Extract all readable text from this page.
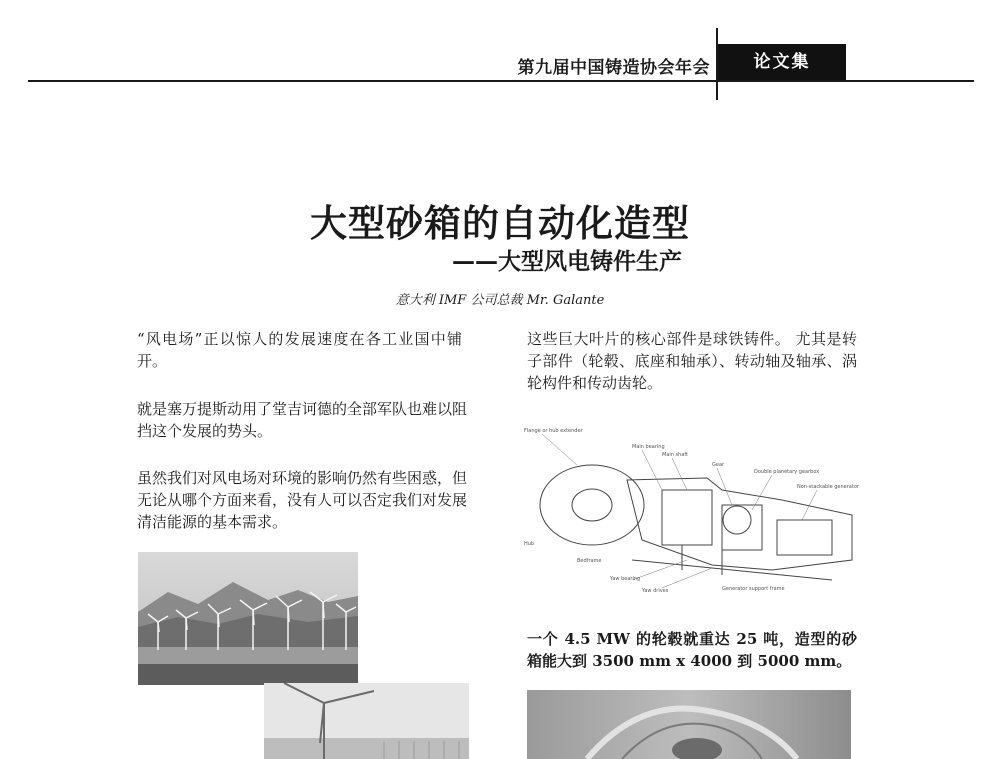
第九届中国铸造协会年会	论文集
大型砂箱的自动化造型
——大型风电铸件生产
意大利 IMF 公司总裁 Mr. Galante

“风电场”正以惊人的发展速度在各工业国中铺开。

就是塞万提斯动用了堂吉诃德的全部军队也难以阻挡这个发展的势头。

虽然我们对风电场对环境的影响仍然有些困惑，但无论从哪个方面来看，没有人可以否定我们对发展清洁能源的基本需求。

这些巨大叶片的核心部件是球铁铸件。 尤其是转子部件（轮毂、底座和轴承）、转动轴及轴承、涡轮构件和传动齿轮。

Flange or hub extender
Main bearing
Main shaft
Gear
Double planetary gearbox
Non-stackable generator
Hub
Bedframe
Yaw bearing
Yaw drives	Generator support frame

一个 4.5 MW 的轮毂就重达 25 吨，造型的砂箱能大到 3500 mm x 4000 到 5000 mm。
